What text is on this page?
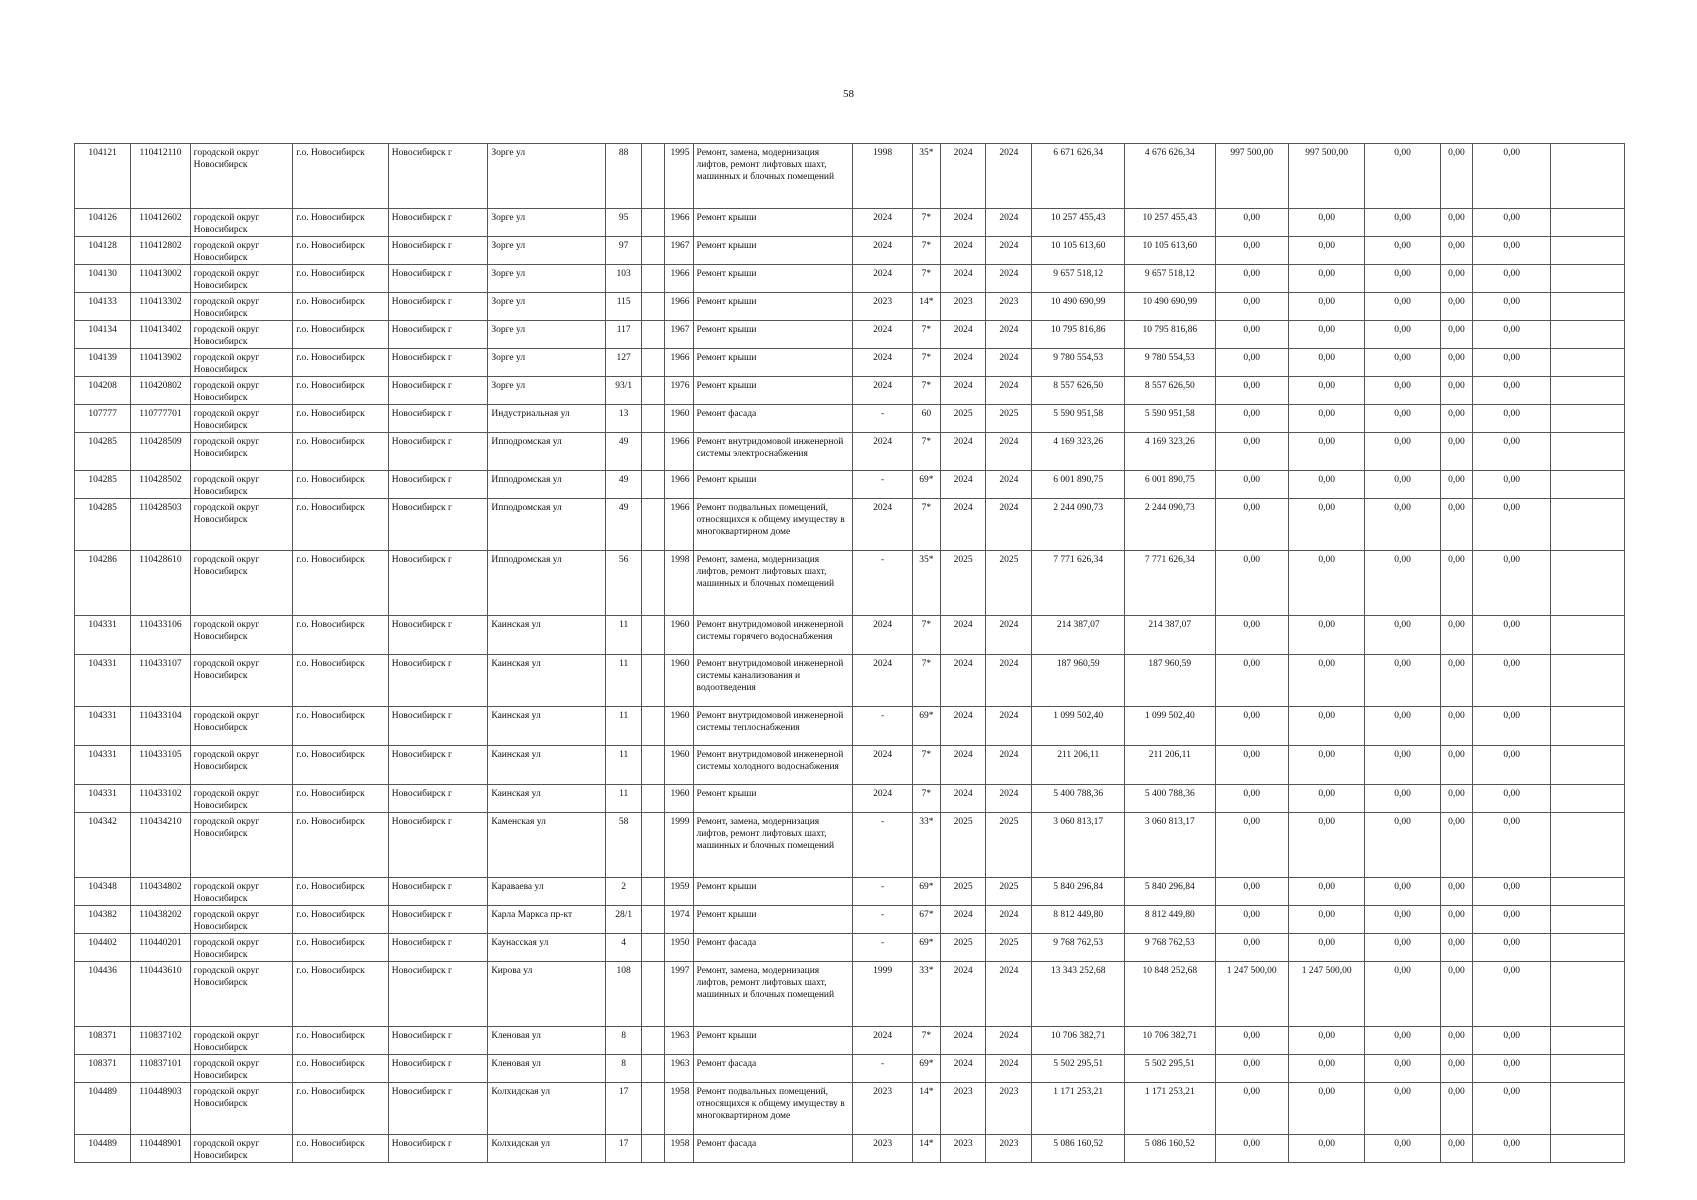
58
104121	110412110	городской округ Новосибирск	г.о. Новосибирск	Новосибирск г	Зорге ул	88		1995	Ремонт, замена, модернизация лифтов, ремонт лифтовых шахт, машинных и блочных помещений	1998	35*	2024	2024	6 671 626,34	4 676 626,34	997 500,00	997 500,00	0,00	0,00	0,00	
104126	110412602	городской округ Новосибирск	г.о. Новосибирск	Новосибирск г	Зорге ул	95		1966	Ремонт крыши	2024	7*	2024	2024	10 257 455,43	10 257 455,43	0,00	0,00	0,00	0,00	0,00	
104128	110412802	городской округ Новосибирск	г.о. Новосибирск	Новосибирск г	Зорге ул	97		1967	Ремонт крыши	2024	7*	2024	2024	10 105 613,60	10 105 613,60	0,00	0,00	0,00	0,00	0,00	
104130	110413002	городской округ Новосибирск	г.о. Новосибирск	Новосибирск г	Зорге ул	103		1966	Ремонт крыши	2024	7*	2024	2024	9 657 518,12	9 657 518,12	0,00	0,00	0,00	0,00	0,00	
104133	110413302	городской округ Новосибирск	г.о. Новосибирск	Новосибирск г	Зорге ул	115		1966	Ремонт крыши	2023	14*	2023	2023	10 490 690,99	10 490 690,99	0,00	0,00	0,00	0,00	0,00	
104134	110413402	городской округ Новосибирск	г.о. Новосибирск	Новосибирск г	Зорге ул	117		1967	Ремонт крыши	2024	7*	2024	2024	10 795 816,86	10 795 816,86	0,00	0,00	0,00	0,00	0,00	
104139	110413902	городской округ Новосибирск	г.о. Новосибирск	Новосибирск г	Зорге ул	127		1966	Ремонт крыши	2024	7*	2024	2024	9 780 554,53	9 780 554,53	0,00	0,00	0,00	0,00	0,00	
104208	110420802	городской округ Новосибирск	г.о. Новосибирск	Новосибирск г	Зорге ул	93/1		1976	Ремонт крыши	2024	7*	2024	2024	8 557 626,50	8 557 626,50	0,00	0,00	0,00	0,00	0,00	
107777	110777701	городской округ Новосибирск	г.о. Новосибирск	Новосибирск г	Индустриальная ул	13		1960	Ремонт фасада	-	60	2025	2025	5 590 951,58	5 590 951,58	0,00	0,00	0,00	0,00	0,00	
104285	110428509	городской округ Новосибирск	г.о. Новосибирск	Новосибирск г	Ипподромская ул	49		1966	Ремонт внутридомовой инженерной системы электроснабжения	2024	7*	2024	2024	4 169 323,26	4 169 323,26	0,00	0,00	0,00	0,00	0,00	
104285	110428502	городской округ Новосибирск	г.о. Новосибирск	Новосибирск г	Ипподромская ул	49		1966	Ремонт крыши	-	69*	2024	2024	6 001 890,75	6 001 890,75	0,00	0,00	0,00	0,00	0,00	
104285	110428503	городской округ Новосибирск	г.о. Новосибирск	Новосибирск г	Ипподромская ул	49		1966	Ремонт подвальных помещений, относящихся к общему имуществу в многоквартирном доме	2024	7*	2024	2024	2 244 090,73	2 244 090,73	0,00	0,00	0,00	0,00	0,00	
104286	110428610	городской округ Новосибирск	г.о. Новосибирск	Новосибирск г	Ипподромская ул	56		1998	Ремонт, замена, модернизация лифтов, ремонт лифтовых шахт, машинных и блочных помещений	-	35*	2025	2025	7 771 626,34	7 771 626,34	0,00	0,00	0,00	0,00	0,00	
104331	110433106	городской округ Новосибирск	г.о. Новосибирск	Новосибирск г	Каинская ул	11		1960	Ремонт внутридомовой инженерной системы горячего водоснабжения	2024	7*	2024	2024	214 387,07	214 387,07	0,00	0,00	0,00	0,00	0,00	
104331	110433107	городской округ Новосибирск	г.о. Новосибирск	Новосибирск г	Каинская ул	11		1960	Ремонт внутридомовой инженерной системы канализования и водоотведения	2024	7*	2024	2024	187 960,59	187 960,59	0,00	0,00	0,00	0,00	0,00	
104331	110433104	городской округ Новосибирск	г.о. Новосибирск	Новосибирск г	Каинская ул	11		1960	Ремонт внутридомовой инженерной системы теплоснабжения	-	69*	2024	2024	1 099 502,40	1 099 502,40	0,00	0,00	0,00	0,00	0,00	
104331	110433105	городской округ Новосибирск	г.о. Новосибирск	Новосибирск г	Каинская ул	11		1960	Ремонт внутридомовой инженерной системы холодного водоснабжения	2024	7*	2024	2024	211 206,11	211 206,11	0,00	0,00	0,00	0,00	0,00	
104331	110433102	городской округ Новосибирск	г.о. Новосибирск	Новосибирск г	Каинская ул	11		1960	Ремонт крыши	2024	7*	2024	2024	5 400 788,36	5 400 788,36	0,00	0,00	0,00	0,00	0,00	
104342	110434210	городской округ Новосибирск	г.о. Новосибирск	Новосибирск г	Каменская ул	58		1999	Ремонт, замена, модернизация лифтов, ремонт лифтовых шахт, машинных и блочных помещений	-	33*	2025	2025	3 060 813,17	3 060 813,17	0,00	0,00	0,00	0,00	0,00	
104348	110434802	городской округ Новосибирск	г.о. Новосибирск	Новосибирск г	Караваева ул	2		1959	Ремонт крыши	-	69*	2025	2025	5 840 296,84	5 840 296,84	0,00	0,00	0,00	0,00	0,00	
104382	110438202	городской округ Новосибирск	г.о. Новосибирск	Новосибирск г	Карла Маркса пр-кт	28/1		1974	Ремонт крыши	-	67*	2024	2024	8 812 449,80	8 812 449,80	0,00	0,00	0,00	0,00	0,00	
104402	110440201	городской округ Новосибирск	г.о. Новосибирск	Новосибирск г	Каунасская ул	4		1950	Ремонт фасада	-	69*	2025	2025	9 768 762,53	9 768 762,53	0,00	0,00	0,00	0,00	0,00	
104436	110443610	городской округ Новосибирск	г.о. Новосибирск	Новосибирск г	Кирова ул	108		1997	Ремонт, замена, модернизация лифтов, ремонт лифтовых шахт, машинных и блочных помещений	1999	33*	2024	2024	13 343 252,68	10 848 252,68	1 247 500,00	1 247 500,00	0,00	0,00	0,00	
108371	110837102	городской округ Новосибирск	г.о. Новосибирск	Новосибирск г	Кленовая ул	8		1963	Ремонт крыши	2024	7*	2024	2024	10 706 382,71	10 706 382,71	0,00	0,00	0,00	0,00	0,00	
108371	110837101	городской округ Новосибирск	г.о. Новосибирск	Новосибирск г	Кленовая ул	8		1963	Ремонт фасада	-	69*	2024	2024	5 502 295,51	5 502 295,51	0,00	0,00	0,00	0,00	0,00	
104489	110448903	городской округ Новосибирск	г.о. Новосибирск	Новосибирск г	Колхидская ул	17		1958	Ремонт подвальных помещений, относящихся к общему имуществу в многоквартирном доме	2023	14*	2023	2023	1 171 253,21	1 171 253,21	0,00	0,00	0,00	0,00	0,00	
104489	110448901	городской округ Новосибирск	г.о. Новосибирск	Новосибирск г	Колхидская ул	17		1958	Ремонт фасада	2023	14*	2023	2023	5 086 160,52	5 086 160,52	0,00	0,00	0,00	0,00	0,00	
